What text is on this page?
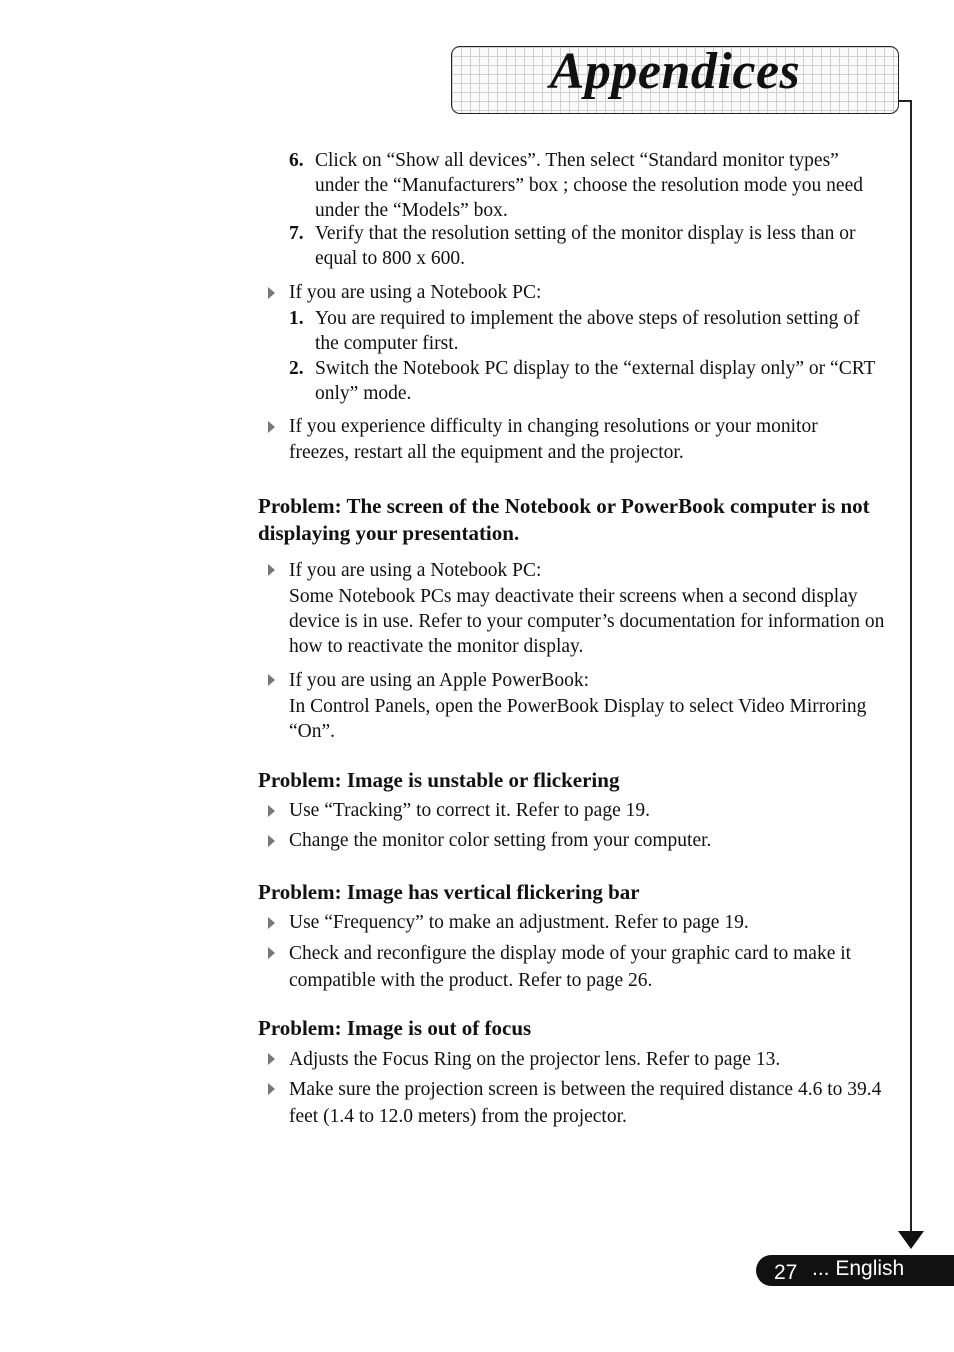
Appendices
6. Click on “Show all devices”. Then select “Standard monitor types” under the “Manufacturers” box ; choose the resolution mode you need under the “Models” box.

7. Verify that the resolution setting of the monitor display is less than or equal to 800 x 600.

If you are using a Notebook PC:

1. You are required to implement the above steps of resolution setting of the computer first.

2. Switch the Notebook PC display to the “external display only” or “CRT only” mode.

If you experience difficulty in changing resolutions or your monitor freezes, restart all the equipment and the projector.

Problem: The screen of the Notebook or PowerBook computer is not displaying your presentation.

If you are using a Notebook PC:

Some Notebook PCs may deactivate their screens when a second display device is in use. Refer to your computer’s documentation for information on how to reactivate the monitor display.

If you are using an Apple PowerBook:

In Control Panels, open the PowerBook Display to select Video Mirroring “On”.

Problem: Image is unstable or flickering

Use “Tracking” to correct it. Refer to page 19.

Change the monitor color setting from your computer.

Problem: Image has vertical flickering bar

Use “Frequency” to make an adjustment. Refer to page 19.

Check and reconfigure the display mode of your graphic card to make it compatible with the product. Refer to page 26.

Problem: Image is out of focus

Adjusts the Focus Ring on the projector lens. Refer to page 13.

Make sure the projection screen is between the required distance 4.6 to 39.4 feet (1.4 to 12.0 meters) from the projector.

27 ... English
